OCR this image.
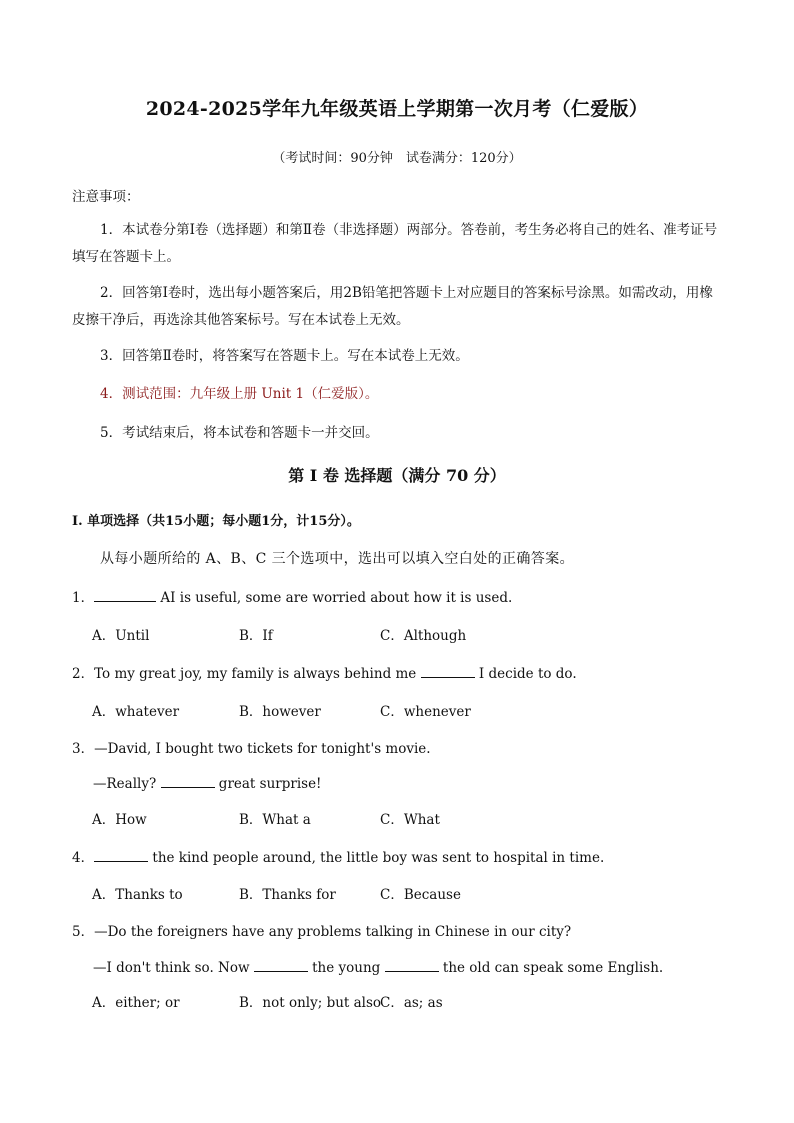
2024-2025学年九年级英语上学期第一次月考（仁爱版）
（考试时间：90分钟　试卷满分：120分）
注意事项：
1．本试卷分第Ⅰ卷（选择题）和第Ⅱ卷（非选择题）两部分。答卷前，考生务必将自己的姓名、准考证号填写在答题卡上。
2．回答第Ⅰ卷时，选出每小题答案后，用2B铅笔把答题卡上对应题目的答案标号涂黑。如需改动，用橡皮擦干净后，再选涂其他答案标号。写在本试卷上无效。
3．回答第Ⅱ卷时，将答案写在答题卡上。写在本试卷上无效。
4．测试范围：九年级上册 Unit 1（仁爱版）。
5．考试结束后，将本试卷和答题卡一并交回。
第 I 卷 选择题（满分 70 分）
I. 单项选择（共15小题；每小题1分，计15分）。
从每小题所给的 A、B、C 三个选项中，选出可以填入空白处的正确答案。
1．	AI is useful, some are worried about how it is used.
A．Until	B．If	C．Although
2．To my great joy, my family is always behind me	I decide to do.
A．whatever	B．however	C．whenever
3．—David, I bought two tickets for tonight's movie.
—Really?	great surprise!
A．How	B．What a	C．What
4．	the kind people around, the little boy was sent to hospital in time.
A．Thanks to	B．Thanks for	C．Because
5．—Do the foreigners have any problems talking in Chinese in our city?
—I don't think so. Now	the young	the old can speak some English.
A．either; or	B．not only; but also
C．as; as
